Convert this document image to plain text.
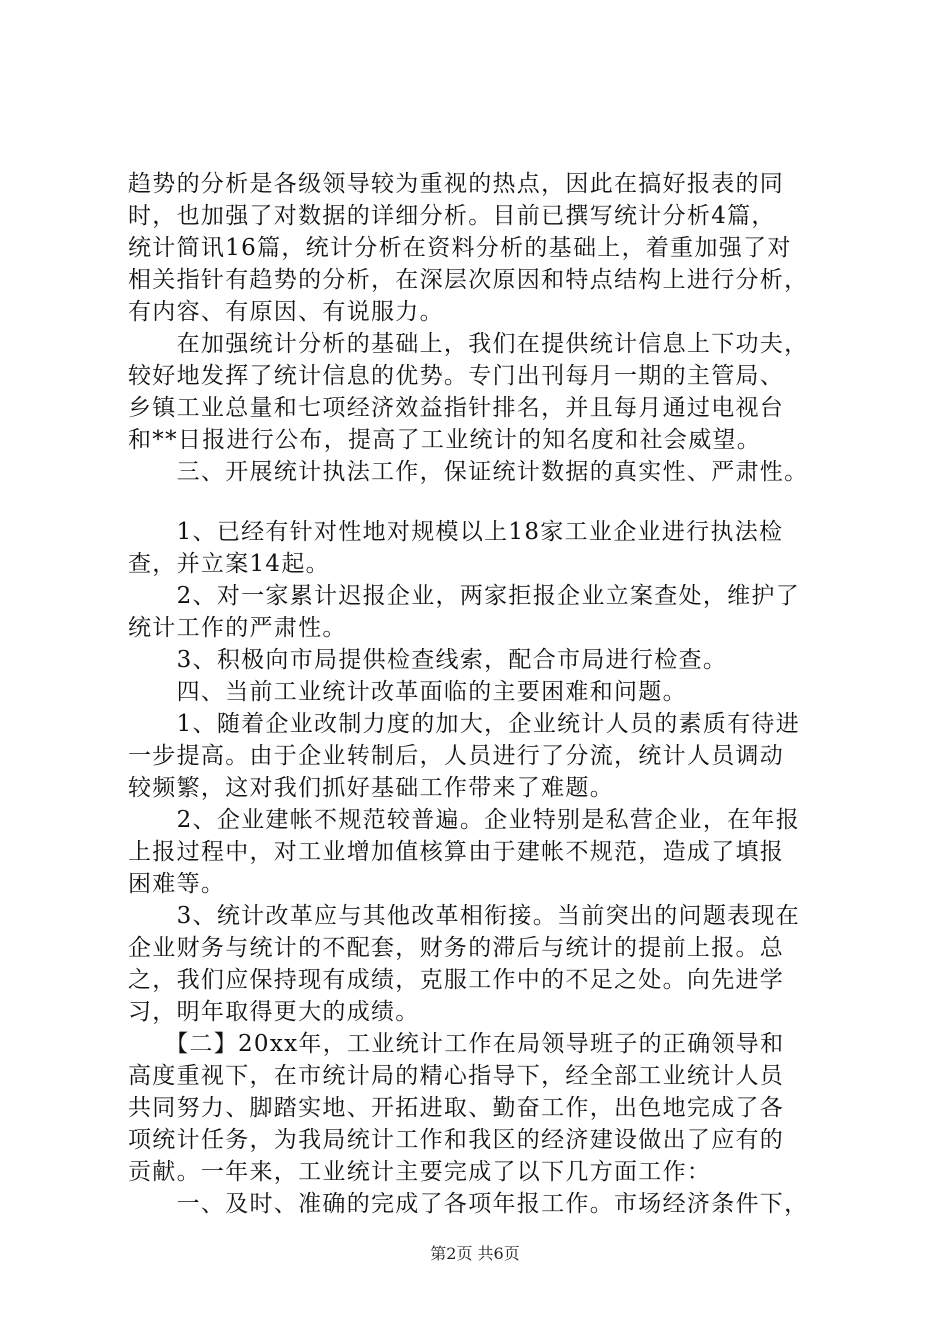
趋势的分析是各级领导较为重视的热点，因此在搞好报表的同
时，也加强了对数据的详细分析。目前已撰写统计分析4篇，
统计简讯16篇，统计分析在资料分析的基础上，着重加强了对
相关指针有趋势的分析，在深层次原因和特点结构上进行分析，
有内容、有原因、有说服力。
　　在加强统计分析的基础上，我们在提供统计信息上下功夫，
较好地发挥了统计信息的优势。专门出刊每月一期的主管局、
乡镇工业总量和七项经济效益指针排名，并且每月通过电视台
和**日报进行公布，提高了工业统计的知名度和社会威望。
　　三、开展统计执法工作，保证统计数据的真实性、严肃性。
　　1、已经有针对性地对规模以上18家工业企业进行执法检
查，并立案14起。
　　2、对一家累计迟报企业，两家拒报企业立案查处，维护了
统计工作的严肃性。
　　3、积极向市局提供检查线索，配合市局进行检查。
　　四、当前工业统计改革面临的主要困难和问题。
　　1、随着企业改制力度的加大，企业统计人员的素质有待进
一步提高。由于企业转制后，人员进行了分流，统计人员调动
较频繁，这对我们抓好基础工作带来了难题。
　　2、企业建帐不规范较普遍。企业特别是私营企业，在年报
上报过程中，对工业增加值核算由于建帐不规范，造成了填报
困难等。
　　3、统计改革应与其他改革相衔接。当前突出的问题表现在
企业财务与统计的不配套，财务的滞后与统计的提前上报。总
之，我们应保持现有成绩，克服工作中的不足之处。向先进学
习，明年取得更大的成绩。
　　【二】20xx年，工业统计工作在局领导班子的正确领导和
高度重视下，在市统计局的精心指导下，经全部工业统计人员
共同努力、脚踏实地、开拓进取、勤奋工作，出色地完成了各
项统计任务，为我局统计工作和我区的经济建设做出了应有的
贡献。一年来，工业统计主要完成了以下几方面工作：
　　一、及时、准确的完成了各项年报工作。市场经济条件下，
第2页 共6页
